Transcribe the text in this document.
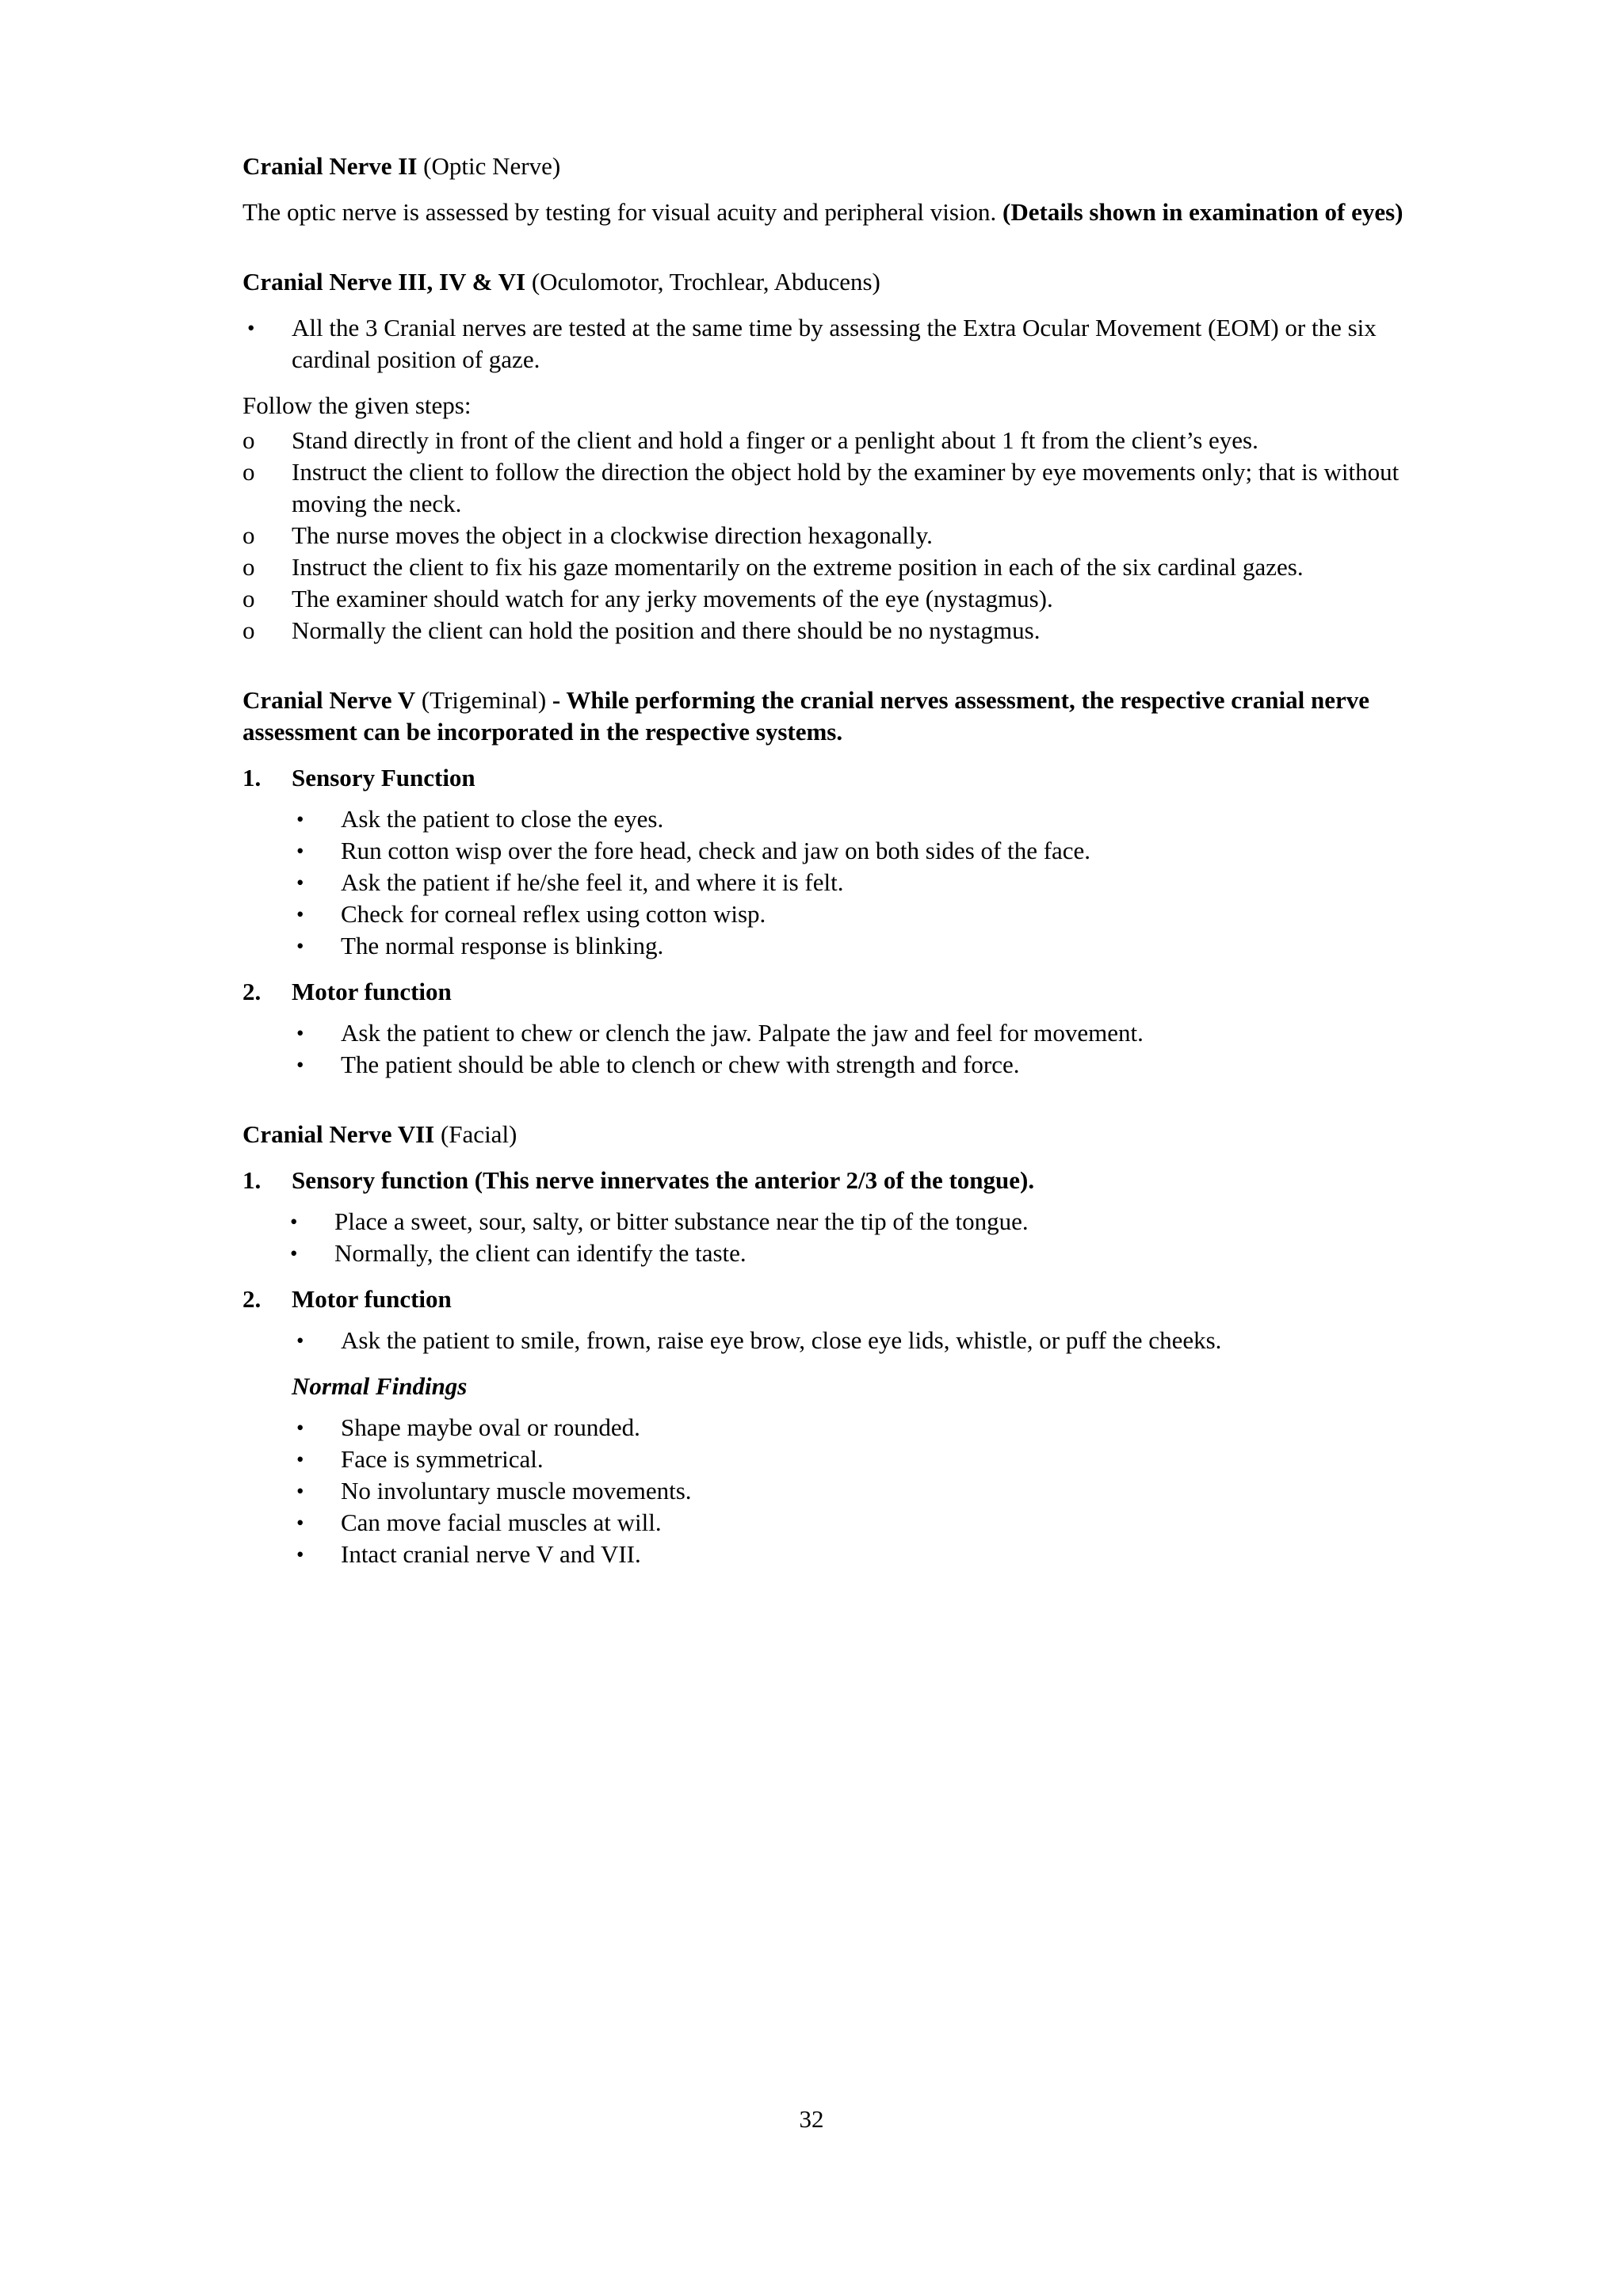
Cranial Nerve II (Optic Nerve)

The optic nerve is assessed by testing for visual acuity and peripheral vision. (Details shown in examination of eyes)

Cranial Nerve III, IV & VI (Oculomotor, Trochlear, Abducens)

• All the 3 Cranial nerves are tested at the same time by assessing the Extra Ocular Movement (EOM) or the six cardinal position of gaze.

Follow the given steps:

o Stand directly in front of the client and hold a finger or a penlight about 1 ft from the client’s eyes.
o Instruct the client to follow the direction the object hold by the examiner by eye movements only; that is without moving the neck.
o The nurse moves the object in a clockwise direction hexagonally.
o Instruct the client to fix his gaze momentarily on the extreme position in each of the six cardinal gazes.
o The examiner should watch for any jerky movements of the eye (nystagmus).
o Normally the client can hold the position and there should be no nystagmus.

Cranial Nerve V (Trigeminal) - While performing the cranial nerves assessment, the respective cranial nerve assessment can be incorporated in the respective systems.

1. Sensory Function
• Ask the patient to close the eyes.
• Run cotton wisp over the fore head, check and jaw on both sides of the face.
• Ask the patient if he/she feel it, and where it is felt.
• Check for corneal reflex using cotton wisp.
• The normal response is blinking.
2. Motor function
• Ask the patient to chew or clench the jaw. Palpate the jaw and feel for movement.
• The patient should be able to clench or chew with strength and force.

Cranial Nerve VII (Facial)

1. Sensory function (This nerve innervates the anterior 2/3 of the tongue).
• Place a sweet, sour, salty, or bitter substance near the tip of the tongue.
• Normally, the client can identify the taste.
2. Motor function
• Ask the patient to smile, frown, raise eye brow, close eye lids, whistle, or puff the cheeks.

Normal Findings

• Shape maybe oval or rounded.
• Face is symmetrical.
• No involuntary muscle movements.
• Can move facial muscles at will.
• Intact cranial nerve V and VII.
32
